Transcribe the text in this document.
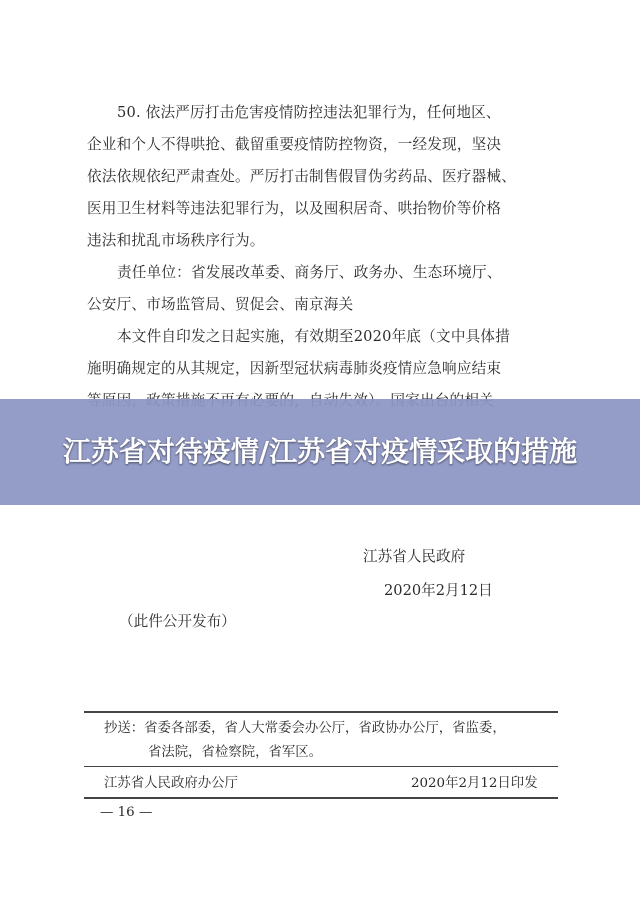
50. 依法严厉打击危害疫情防控违法犯罪行为，任何地区、
企业和个人不得哄抢、截留重要疫情防控物资，一经发现，坚决
依法依规依纪严肃查处。严厉打击制售假冒伪劣药品、医疗器械、
医用卫生材料等违法犯罪行为，以及囤积居奇、哄抬物价等价格
违法和扰乱市场秩序行为。
责任单位：省发展改革委、商务厅、政务办、生态环境厅、
公安厅、市场监管局、贸促会、南京海关
本文件自印发之日起实施，有效期至2020年底（文中具体措
施明确规定的从其规定，因新型冠状病毒肺炎疫情应急响应结束
江苏省人民政府
2020年2月12日
（此件公开发布）
抄送：省委各部委，省人大常委会办公厅，省政协办公厅，省监委，
省法院，省检察院，省军区。
江苏省人民政府办公厅	2020年2月12日印发
— 16 —
江苏省对待疫情/江苏省对疫情采取的措施
